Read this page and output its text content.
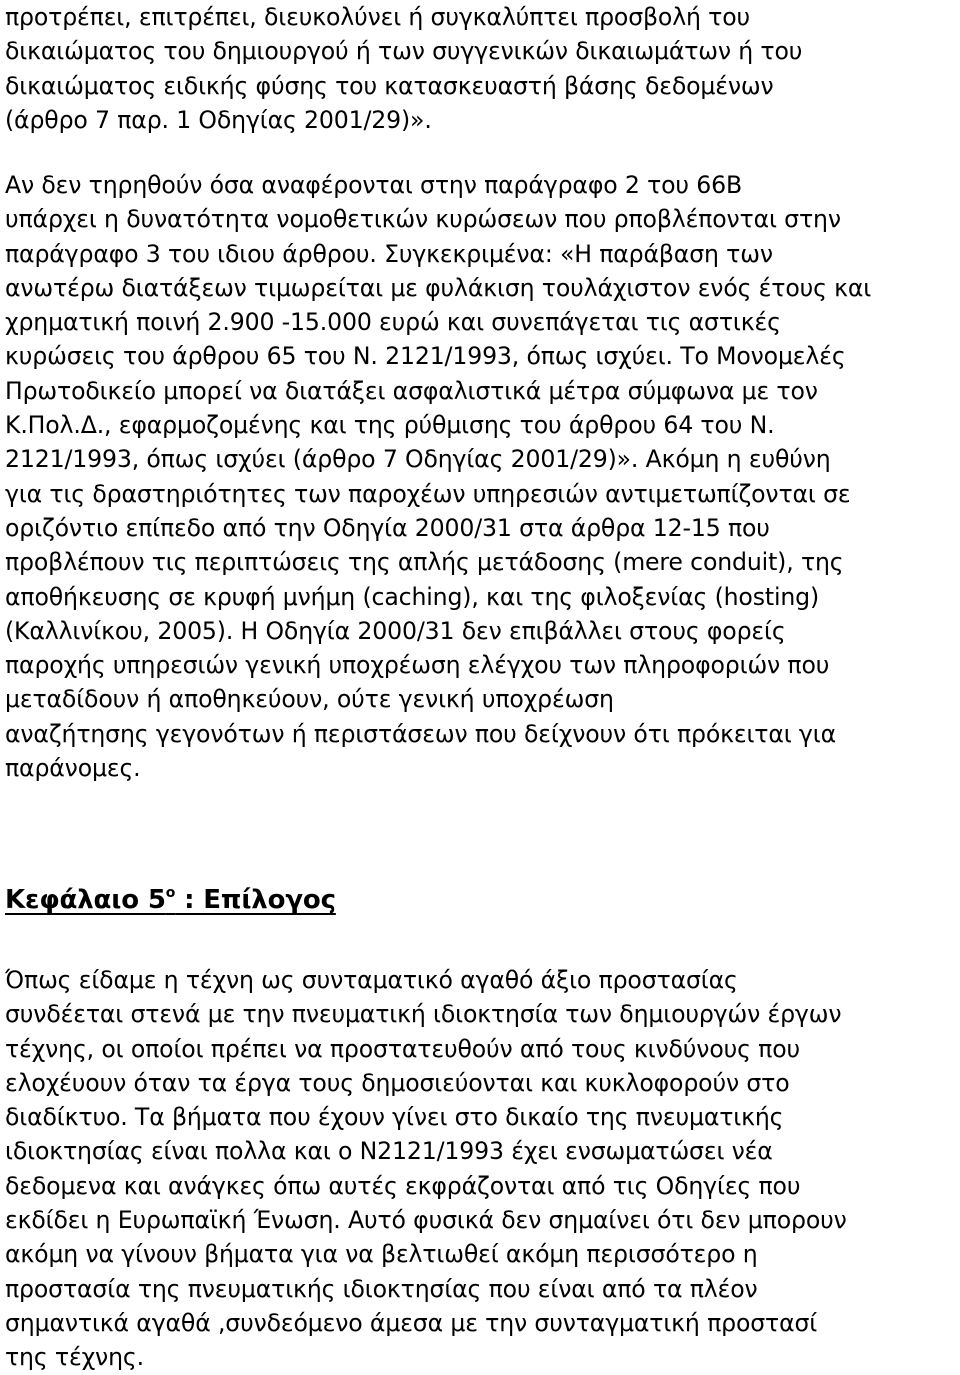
προτρέπει, επιτρέπει, διευκολύνει ή συγκαλύπτει προσβολή του
δικαιώματος του δημιουργού ή των συγγενικών δικαιωμάτων ή του
δικαιώματος ειδικής φύσης του κατασκευαστή βάσης δεδομένων
(άρθρο 7 παρ. 1 Οδηγίας 2001/29)».
Αν δεν τηρηθούν όσα αναφέρονται στην παράγραφο 2 του 66Β
υπάρχει η δυνατότητα νομοθετικών κυρώσεων που ρποβλέπονται στην
παράγραφο 3 του ιδιου άρθρου. Συγκεκριμένα: «Η παράβαση των
ανωτέρω διατάξεων τιμωρείται με φυλάκιση τουλάχιστον ενός έτους και
χρηματική ποινή 2.900 -15.000 ευρώ και συνεπάγεται τις αστικές
κυρώσεις του άρθρου 65 του Ν. 2121/1993, όπως ισχύει. Το Μονομελές
Πρωτοδικείο μπορεί να διατάξει ασφαλιστικά μέτρα σύμφωνα με τον
Κ.Πολ.Δ., εφαρμοζομένης και της ρύθμισης του άρθρου 64 του Ν.
2121/1993, όπως ισχύει (άρθρο 7 Οδηγίας 2001/29)». Ακόμη η ευθύνη
για τις δραστηριότητες των παροχέων υπηρεσιών αντιμετωπίζονται σε
οριζόντιο επίπεδο από την Οδηγία 2000/31 στα άρθρα 12-15 που
προβλέπουν τις περιπτώσεις της απλής μετάδοσης (mere conduit), της
αποθήκευσης σε κρυφή μνήμη (caching), και της φιλοξενίας (hosting)
(Καλλινίκου, 2005). Η Οδηγία 2000/31 δεν επιβάλλει στους φορείς
παροχής υπηρεσιών γενική υποχρέωση ελέγχου των πληροφοριών που
μεταδίδουν ή αποθηκεύουν, ούτε γενική υποχρέωση
αναζήτησης γεγονότων ή περιστάσεων που δείχνουν ότι πρόκειται για
παράνομες.
Κεφάλαιο $5^o$ : Επίλογος
Όπως είδαμε η τέχνη ως συνταματικό αγαθό άξιο προστασίας
συνδέεται στενά με την πνευματική ιδιοκτησία των δημιουργών έργων
τέχνης, οι οποίοι πρέπει να προστατευθούν από τους κινδύνους που
ελοχέυουν όταν τα έργα τους δημοσιεύονται και κυκλοφορούν στο
διαδίκτυο. Τα βήματα που έχουν γίνει στο δικαίο της πνευματικής
ιδιοκτησίας είναι πολλα και ο Ν2121/1993 έχει ενσωματώσει νέα
δεδομενα και ανάγκες όπω αυτές εκφράζονται από τις Οδηγίες που
εκδίδει η Ευρωπαϊκή Ένωση. Αυτό φυσικά δεν σημαίνει ότι δεν μπορουν
ακόμη να γίνουν βήματα για να βελτιωθεί ακόμη περισσότερο η
προστασία της πνευματικής ιδιοκτησίας που είναι από τα πλέον
σημαντικά αγαθά ,συνδεόμενο άμεσα με την συνταγματική προστασί
της τέχνης.
